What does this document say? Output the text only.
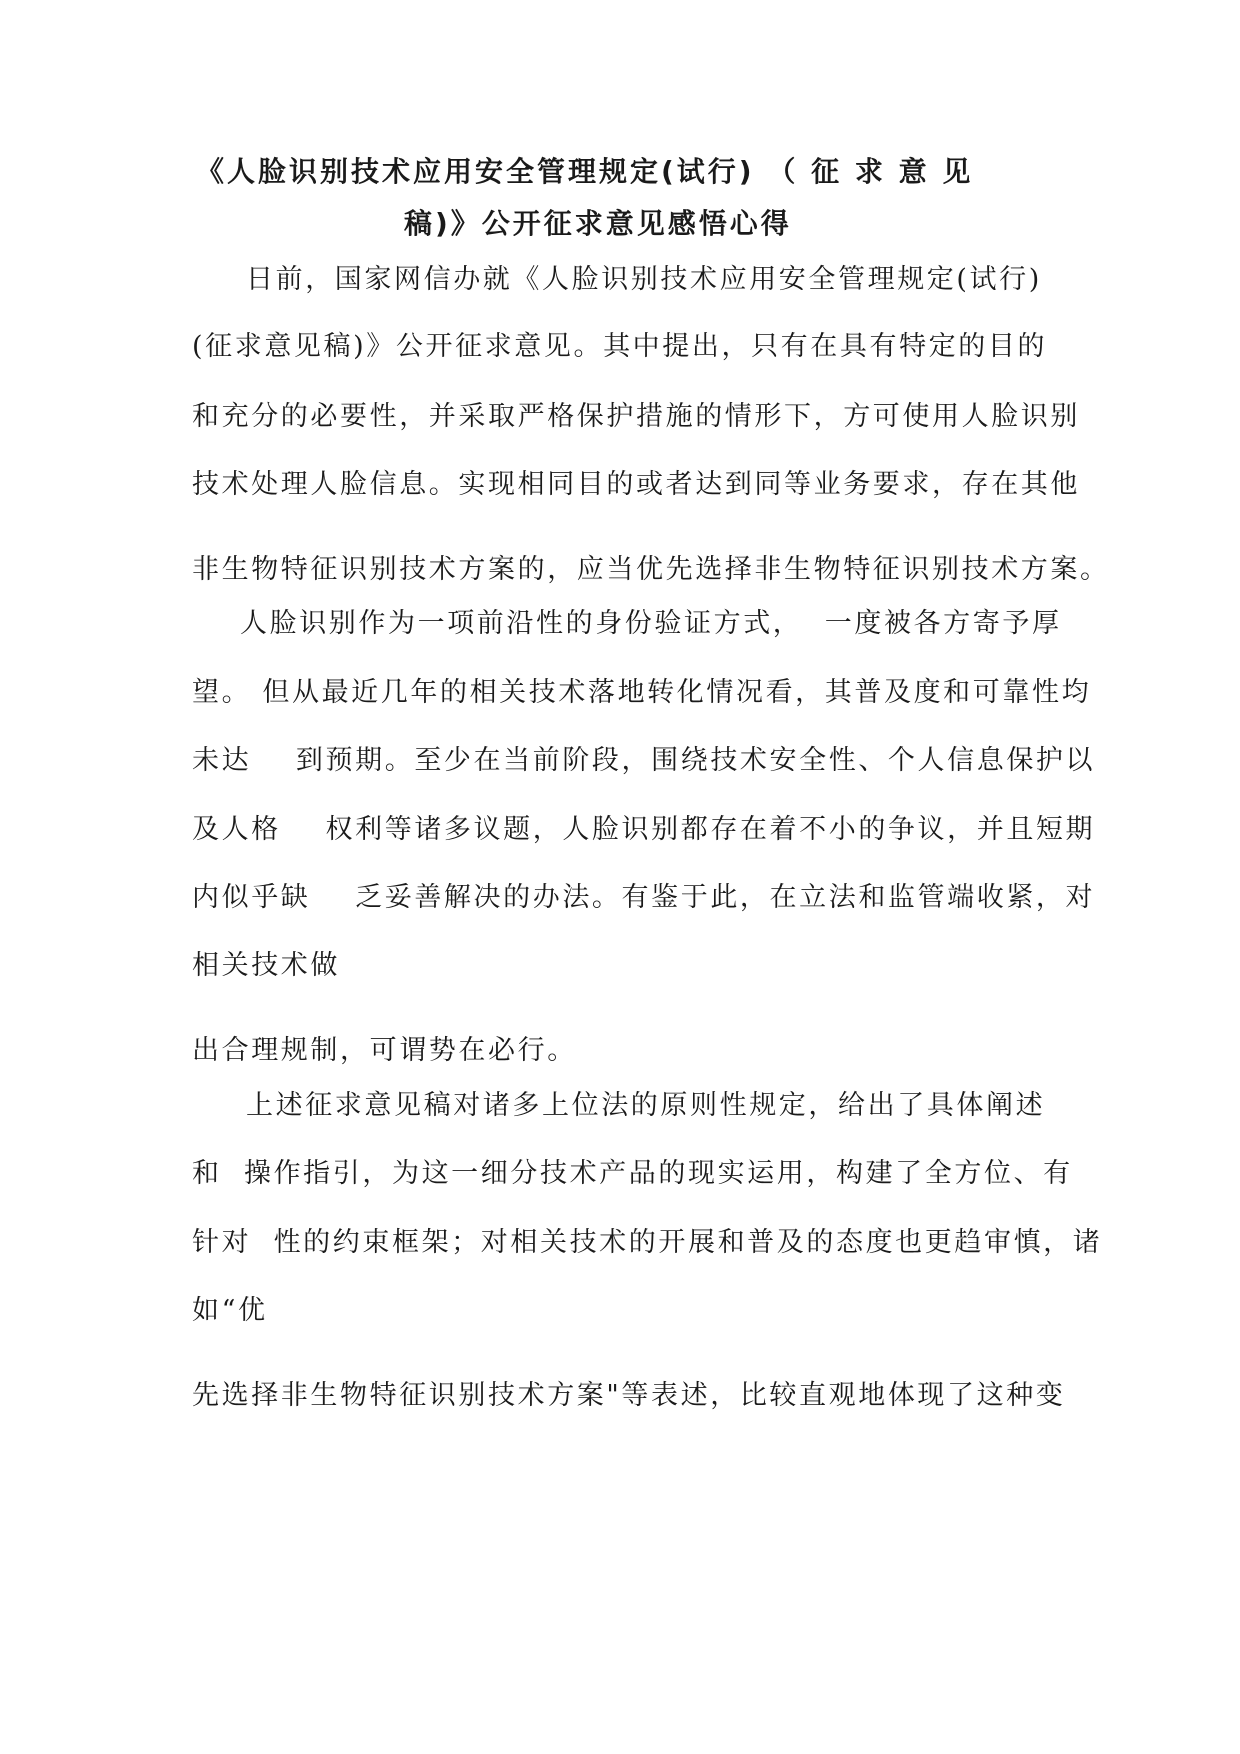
《人脸识别技术应用安全管理规定(试行) （ 征 求 意 见
稿)》公开征求意见感悟心得
日前，国家网信办就《人脸识别技术应用安全管理规定(试行)
(征求意见稿)》公开征求意见。其中提出，只有在具有特定的目的
和充分的必要性，并采取严格保护措施的情形下，方可使用人脸识别
技术处理人脸信息。实现相同目的或者达到同等业务要求，存在其他
非生物特征识别技术方案的，应当优先选择非生物特征识别技术方案。
人脸识别作为一项前沿性的身份验证方式，  一度被各方寄予厚
望。 但从最近几年的相关技术落地转化情况看，其普及度和可靠性均
未达    到预期。至少在当前阶段，围绕技术安全性、个人信息保护以
及人格    权利等诸多议题，人脸识别都存在着不小的争议，并且短期
内似乎缺    乏妥善解决的办法。有鉴于此，在立法和监管端收紧，对
相关技术做
出合理规制，可谓势在必行。
上述征求意见稿对诸多上位法的原则性规定，给出了具体阐述
和  操作指引，为这一细分技术产品的现实运用，构建了全方位、有
针对  性的约束框架；对相关技术的开展和普及的态度也更趋审慎，诸
如“优
先选择非生物特征识别技术方案"等表述，比较直观地体现了这种变
